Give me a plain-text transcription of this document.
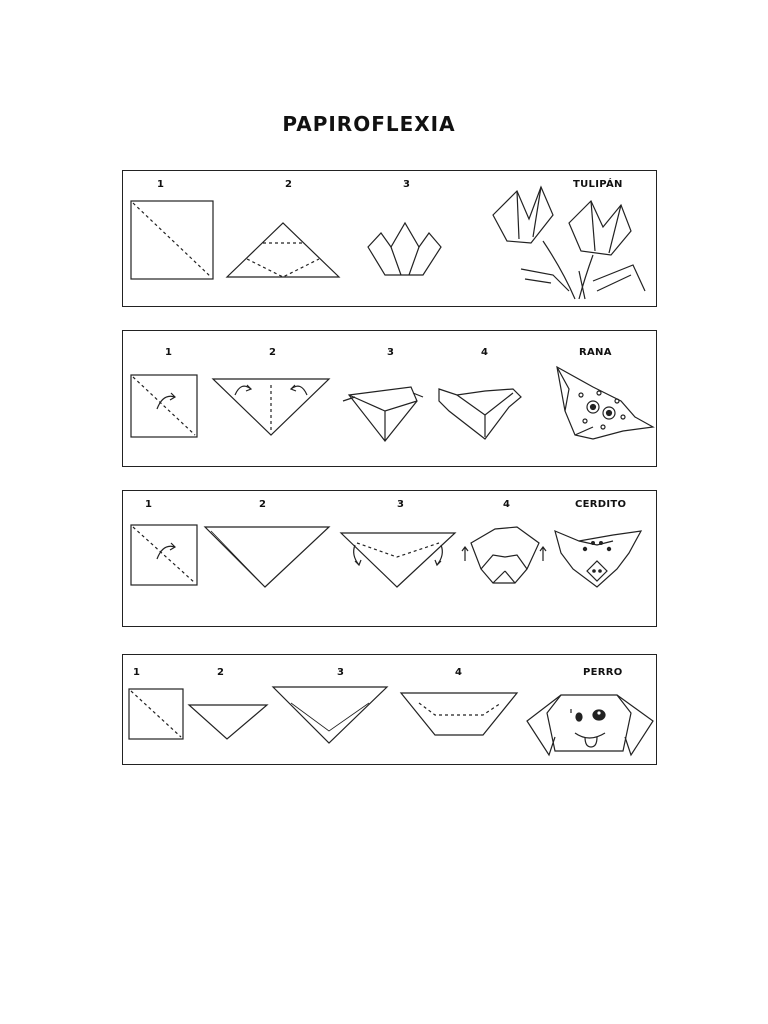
PAPIROFLEXIA
1	2	3	TULIPÁN
1	2	3	4	RANA
1	2	3	4	CERDITO
1	2	3	4	PERRO
